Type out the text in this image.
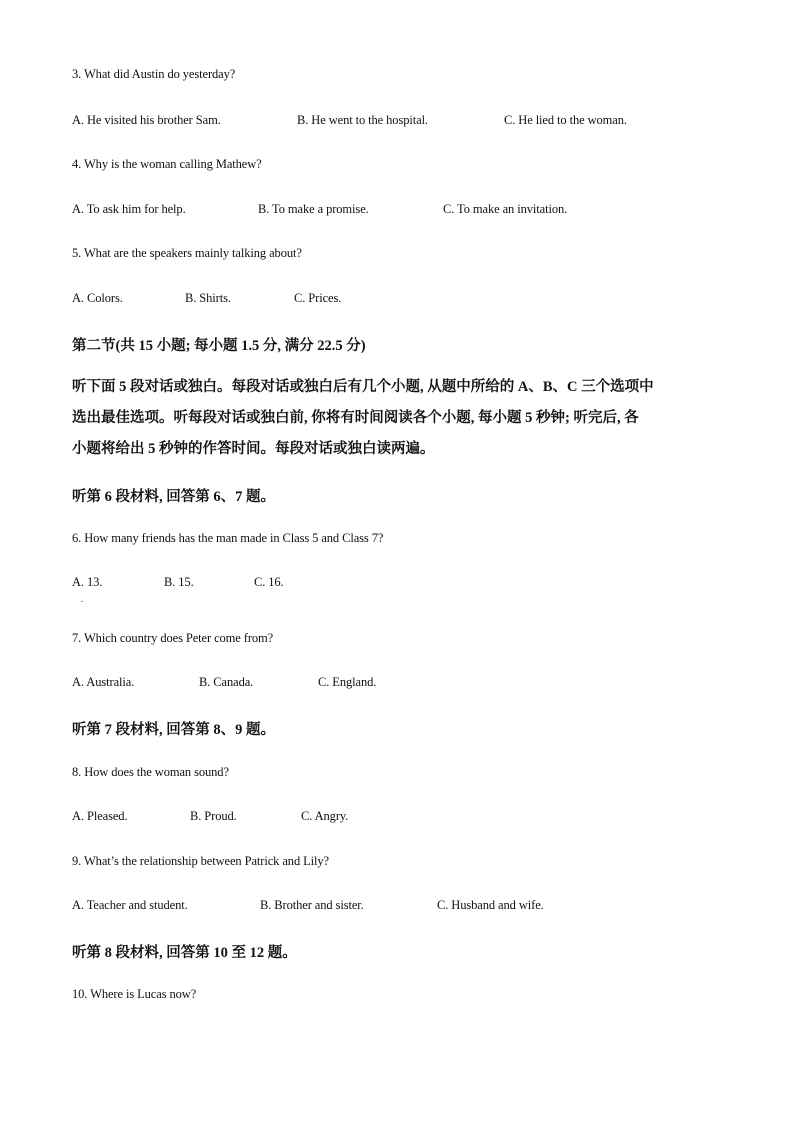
3. What did Austin do yesterday?
A. He visited his brother Sam.	B. He went to the hospital.	C. He lied to the woman.
4. Why is the woman calling Mathew?
A. To ask him for help.	B. To make a promise.	C. To make an invitation.
5. What are the speakers mainly talking about?
A. Colors.	B. Shirts.	C. Prices.
第二节(共 15 小题; 每小题 1.5 分, 满分 22.5 分)
听下面 5 段对话或独白。每段对话或独白后有几个小题, 从题中所给的 A、B、C 三个选项中
选出最佳选项。听每段对话或独白前, 你将有时间阅读各个小题, 每小题 5 秒钟; 听完后, 各
小题将给出 5 秒钟的作答时间。每段对话或独白读两遍。
听第 6 段材料, 回答第 6、7 题。
6. How many friends has the man made in Class 5 and Class 7?
A. 13.	B. 15.	C. 16.
.
7. Which country does Peter come from?
A. Australia.	B. Canada.	C. England.
听第 7 段材料, 回答第 8、9 题。
8. How does the woman sound?
A. Pleased.	B. Proud.	C. Angry.
9. What’s the relationship between Patrick and Lily?
A. Teacher and student.	B. Brother and sister.	C. Husband and wife.
听第 8 段材料, 回答第 10 至 12 题。
10. Where is Lucas now?
